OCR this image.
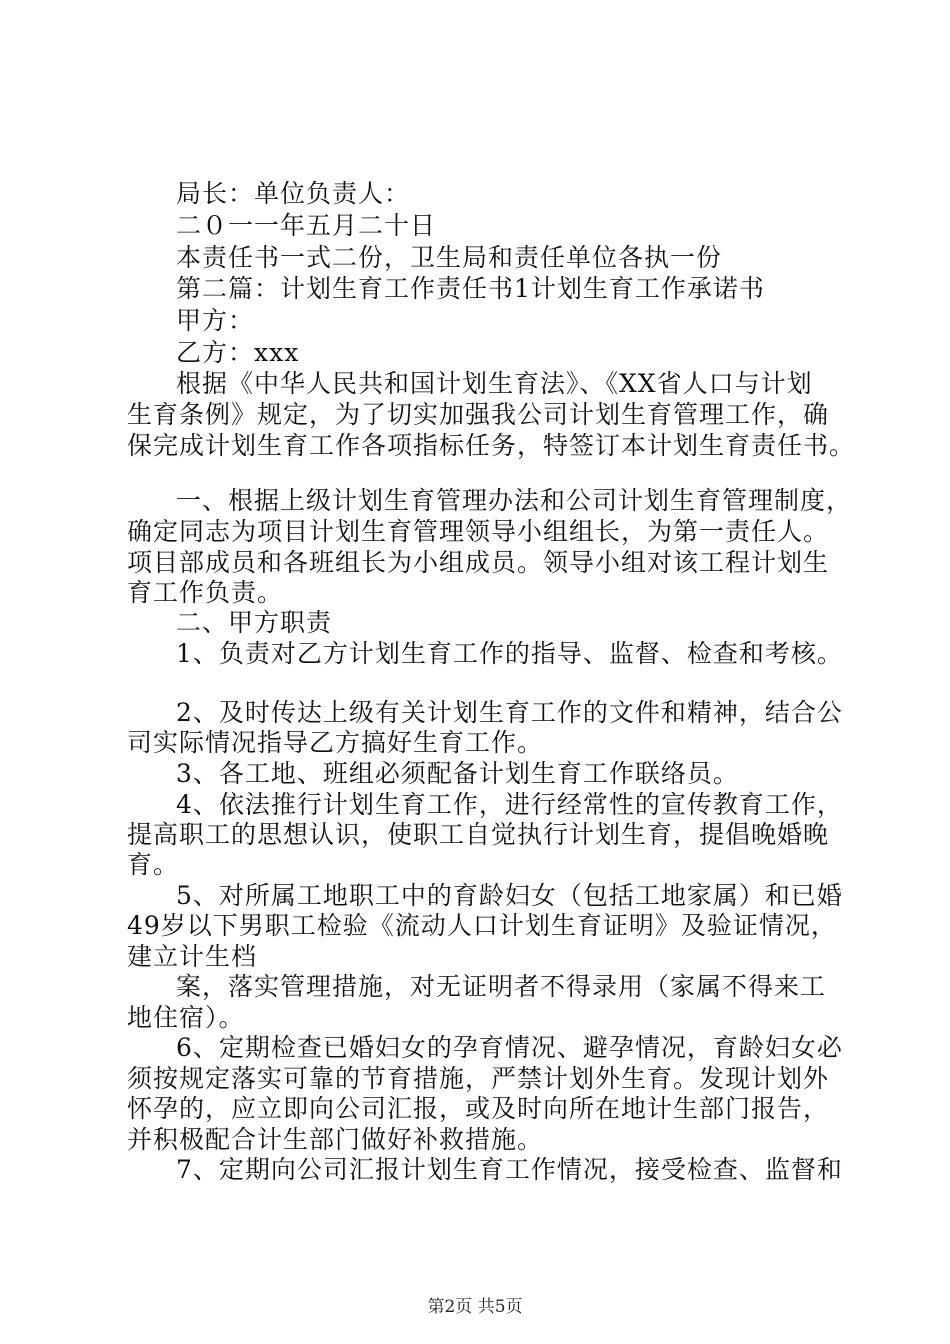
局长：单位负责人：
二０一一年五月二十日
本责任书一式二份，卫生局和责任单位各执一份
第二篇：计划生育工作责任书1计划生育工作承诺书
甲方：
乙方：xxx
根据《中华人民共和国计划生育法》、《XX省人口与计划
生育条例》规定，为了切实加强我公司计划生育管理工作，确
保完成计划生育工作各项指标任务，特签订本计划生育责任书。
一、根据上级计划生育管理办法和公司计划生育管理制度，
确定同志为项目计划生育管理领导小组组长，为第一责任人。
项目部成员和各班组长为小组成员。领导小组对该工程计划生
育工作负责。
二、甲方职责
1、负责对乙方计划生育工作的指导、监督、检查和考核。
2、及时传达上级有关计划生育工作的文件和精神，结合公
司实际情况指导乙方搞好生育工作。
3、各工地、班组必须配备计划生育工作联络员。
4、依法推行计划生育工作，进行经常性的宣传教育工作，
提高职工的思想认识，使职工自觉执行计划生育，提倡晚婚晚
育。
5、对所属工地职工中的育龄妇女（包括工地家属）和已婚
49岁以下男职工检验《流动人口计划生育证明》及验证情况，
建立计生档
案，落实管理措施，对无证明者不得录用（家属不得来工
地住宿）。
6、定期检查已婚妇女的孕育情况、避孕情况，育龄妇女必
须按规定落实可靠的节育措施，严禁计划外生育。发现计划外
怀孕的，应立即向公司汇报，或及时向所在地计生部门报告，
并积极配合计生部门做好补救措施。
7、定期向公司汇报计划生育工作情况，接受检查、监督和
第2页 共5页
